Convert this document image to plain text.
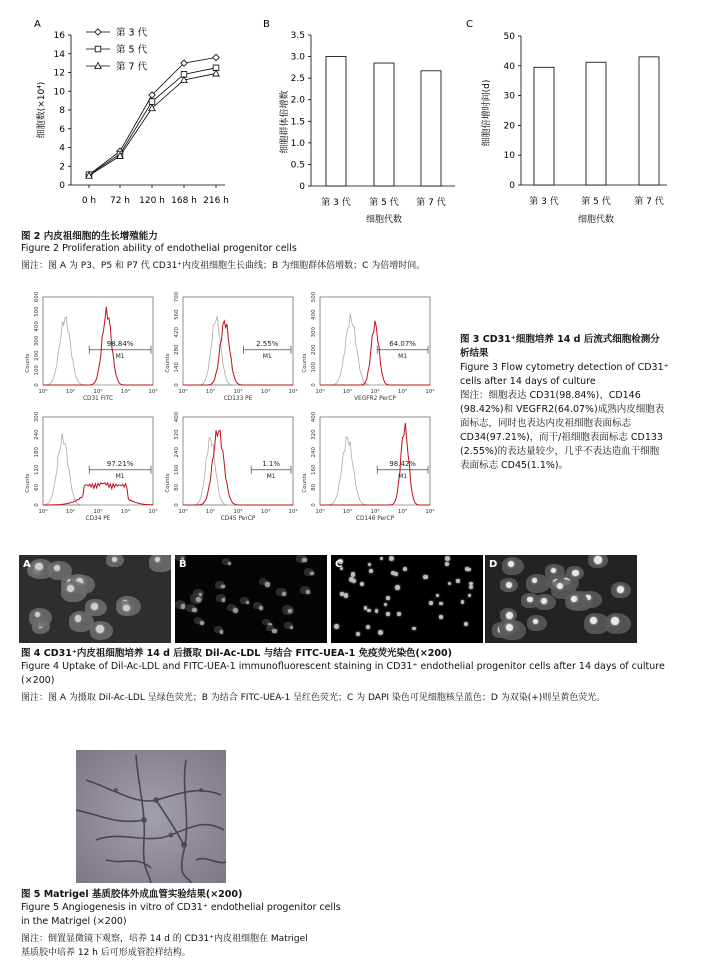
A
细胞数(×10⁴)
0
2
4
6
8
10
12
14
16
0 h 72 h 120 h 168 h 216 h
第 3 代
第 5 代
第 7 代
B
细胞群体倍增数
0
0.5
1.0
1.5
2.0
2.5
3.0
3.5
第 3 代 第 5 代 第 7 代
C
细胞倍增时间(d)
0
10
20
30
40
50
第 3 代	第 5 代	第 7 代
细胞代数	细胞代数
图 2 内皮祖细胞的生长增殖能力
Figure 2 Proliferation ability of endothelial progenitor cells
图注：图 A 为 P3、P5 和 P7 代 CD31⁺内皮祖细胞生长曲线；B 为细胞群体倍增数；C 为倍增时间。
0
100
200
300
400
500
600
Counts
10⁰	10¹	10²	10³	10⁴
CD31 FITC
98.84%
M1
0
140
280
420
560
700
Counts
10⁰	10¹	10²	10³	10⁴
CD133 PE
2.55%
M1
0
100
200
300
400
500
Counts
10⁰	10¹	10²	10³	10⁴
VEGFR2 PerCP
64.07%
M1
0
60
120
180
240
300
Counts
10⁰	10¹	10²	10³	10⁴
CD34 PE
97.21%
M1
0
80
160
240
320
400
Counts
10⁰	10¹	10²	10³	10⁴
CD45 PerCP
1.1%
M1
0
80
160
240
320
400
Counts
10⁰	10¹	10²	10³	10⁴
CD146 PerCP
98.42%
M1
图 3 CD31⁺细胞培养 14 d 后流式细胞检测分
析结果
Figure 3 Flow cytometry detection of CD31⁺
cells after 14 days of culture
图注：细胞表达 CD31(98.84%)、CD146
(98.42%)和 VEGFR2(64.07%)成熟内皮细胞表
面标志，同时也表达内皮祖细胞表面标志
CD34(97.21%)，而干/祖细胞表面标志 CD133
(2.55%)的表达量较少，几乎不表达造血干细胞
表面标志 CD45(1.1%)。
A	B	C	D
图 4 CD31⁺内皮祖细胞培养 14 d 后摄取 Dil-Ac-LDL 与结合 FITC-UEA-1 免疫荧光染色(×200)
Figure 4 Uptake of Dil-Ac-LDL and FITC-UEA-1 immunofluorescent staining in CD31⁺ endothelial progenitor cells after 14 days of culture
(×200)
图注：图 A 为摄取 Dil-Ac-LDL 呈绿色荧光；B 为结合 FITC-UEA-1 呈红色荧光；C 为 DAPI 染色可见细胞核呈蓝色；D 为双染(+)则呈黄色荧光。
图 5 Matrigel 基质胶体外成血管实验结果(×200)
Figure 5 Angiogenesis in vitro of CD31⁺ endothelial progenitor cells
in the Matrigel (×200)
图注：倒置显微镜下观察，培养 14 d 的 CD31⁺内皮祖细胞在 Matrigel
基质胶中培养 12 h 后可形成管腔样结构。
